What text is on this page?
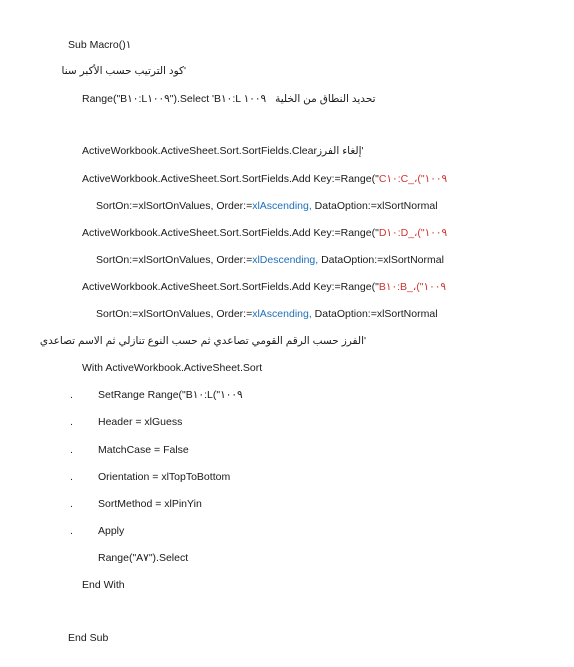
Sub Macro()١
'كود الترتيب حسب الأكبر سنا
Range("B١٠:L١٠٠٩").Select 'B١٠:L ١٠٠٩ تحديد النطاق من الخلية
ActiveWorkbook.ActiveSheet.Sort.SortFields.Clear'إلغاء الفرز
ActiveWorkbook.ActiveSheet.Sort.SortFields.Add Key:=Range("C١٠:C_،("١٠٠٩
SortOn:=xlSortOnValues, Order:=xlAscending, DataOption:=xlSortNormal
ActiveWorkbook.ActiveSheet.Sort.SortFields.Add Key:=Range("D١٠:D_،("١٠٠٩
SortOn:=xlSortOnValues, Order:=xlDescending, DataOption:=xlSortNormal
ActiveWorkbook.ActiveSheet.Sort.SortFields.Add Key:=Range("B١٠:B_،("١٠٠٩
SortOn:=xlSortOnValues, Order:=xlAscending, DataOption:=xlSortNormal
'الفرز حسب الرقم القومي تصاعدي ثم حسب النوع تنازلي ثم الاسم تصاعدي
With ActiveWorkbook.ActiveSheet.Sort
. SetRange Range("B١٠:L("١٠٠٩
. Header = xlGuess
. MatchCase = False
. Orientation = xlTopToBottom
. SortMethod = xlPinYin
. Apply
Range("A٧").Select
End With
End Sub
